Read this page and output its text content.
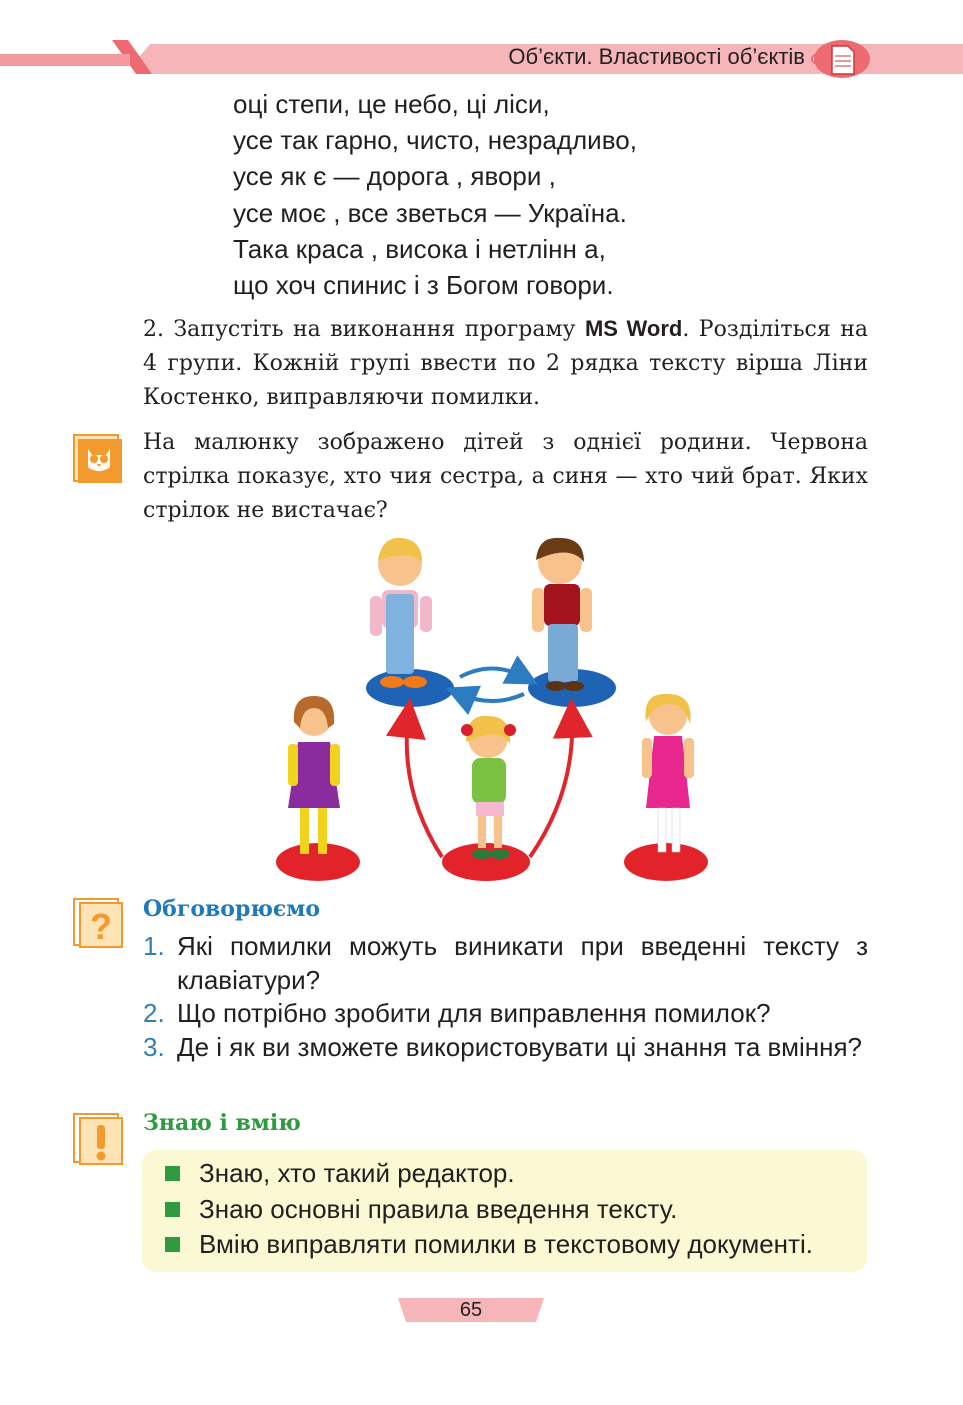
Об’єкти. Властивості об’єктів
оці степи, це небо, ці ліси,
усе так гарно, чисто, незрадливо,
усе як є — дорога , явори ,
усе моє , все зветься — Україна.
Така краса , висока і нетлінн а,
що хоч спинис і з Богом говори.
2. Запустіть на виконання програму MS Word. Розділіться на 4 групи. Кожній групі ввести по 2 рядка тексту вірша Ліни Костенко, виправляючи помилки.
На малюнку зображено дітей з однієї родини. Червона стрілка показує, хто чия сестра, а синя — хто чий брат. Яких стрілок не вистачає?
? Обговорюємо
1. Які помилки можуть виникати при введенні тексту з клавіатури?
2. Що потрібно зробити для виправлення помилок?
3. Де і як ви зможете використовувати ці знання та вміння?
Знаю і вмію
Знаю, хто такий редактор.
Знаю основні правила введення тексту.
Вмію виправляти помилки в текстовому документі.
65
